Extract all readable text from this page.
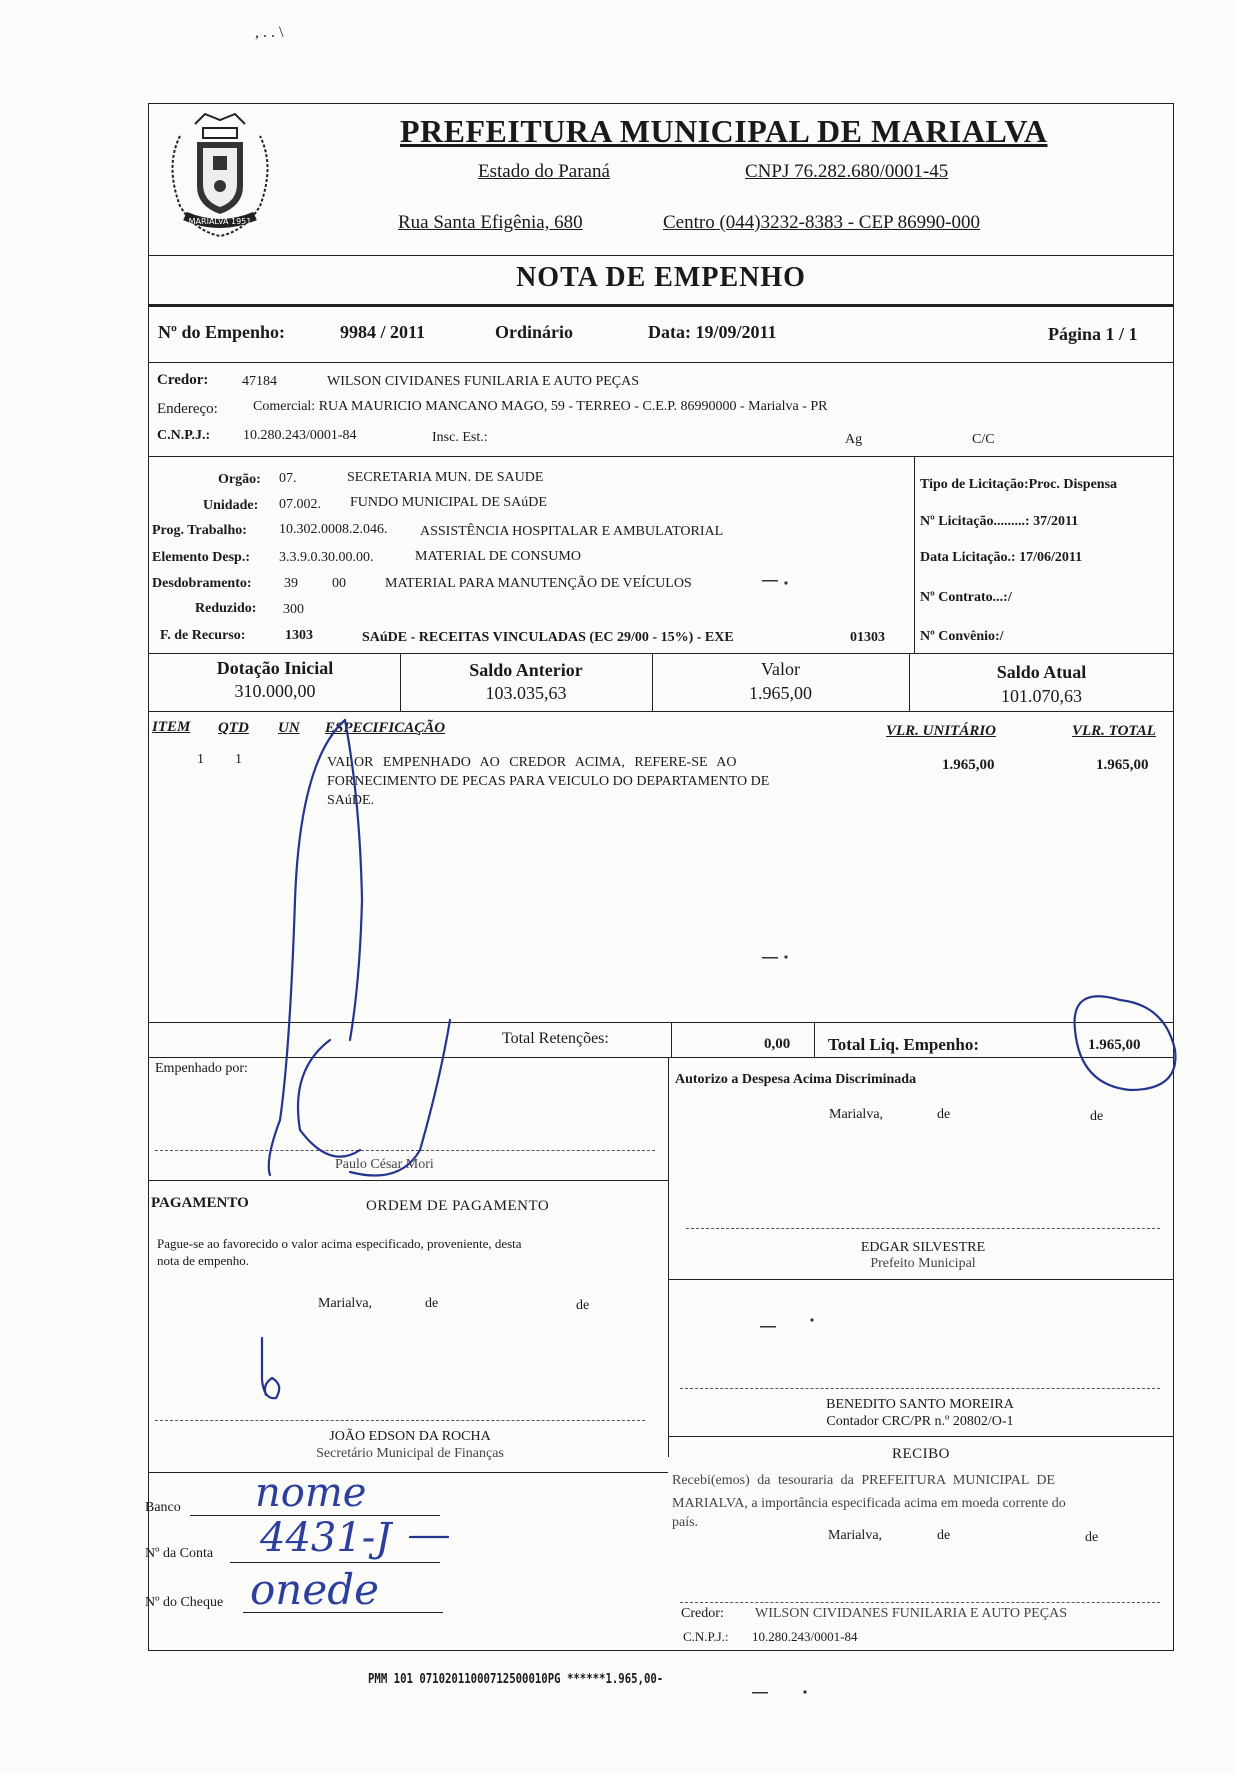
, . . \
MARIALVA 1951
PREFEITURA MUNICIPAL DE MARIALVA
Estado do Paraná	CNPJ 76.282.680/0001-45
Rua Santa Efigênia, 680	Centro (044)3232-8383 - CEP 86990-000
NOTA DE EMPENHO
Nº do Empenho:	9984 / 2011	Ordinário	Data: 19/09/2011	Página 1 / 1
Credor: 47184	WILSON CIVIDANES FUNILARIA E AUTO PEÇAS
Endereço:	Comercial: RUA MAURICIO MANCANO MAGO, 59 - TERREO - C.E.P. 86990000 - Marialva - PR
C.N.P.J.: 10.280.243/0001-84	Insc. Est.:	Ag	C/C
Orgão: 07.	SECRETARIA MUN. DE SAUDE
Unidade: 07.002. FUNDO MUNICIPAL DE SAúDE
Prog. Trabalho: 10.302.0008.2.046. ASSISTÊNCIA HOSPITALAR E AMBULATORIAL
Elemento Desp.: 3.3.9.0.30.00.00.	MATERIAL DE CONSUMO
Desdobramento: 39 00	MATERIAL PARA MANUTENÇÃO DE VEÍCULOS
Reduzido: 300
F. de Recurso:	1303	SAúDE - RECEITAS VINCULADAS (EC 29/00 - 15%) - EXE	01303
Tipo de Licitação:Proc. Dispensa
Nº Licitação.........: 37/2011
Data Licitação.: 17/06/2011
Nº Contrato...:/
Nº Convênio:/
Dotação Inicial
310.000,00
Saldo Anterior
103.035,63
Valor
1.965,00
Saldo Atual
101.070,63
ITEM QTD UN ESPECIFICAÇÃO	VLR. UNITÁRIO	VLR. TOTAL
1 1	VALOR EMPENHADO AO CREDOR ACIMA, REFERE-SE AO
FORNECIMENTO DE PECAS PARA VEICULO DO DEPARTAMENTO DE
SAúDE.
1.965,00	1.965,00
Total Retenções:	0,00 Total Liq. Empenho:	1.965,00
Empenhado por:
Paulo César Mori
Autorizo a Despesa Acima Discriminada
Marialva,	de	de
EDGAR SILVESTRE
Prefeito Municipal
PAGAMENTO	ORDEM DE PAGAMENTO
Pague-se ao favorecido o valor acima especificado, proveniente, desta
nota de empenho.
Marialva,	de	de
JOÃO EDSON DA ROCHA
Secretário Municipal de Finanças
BENEDITO SANTO MOREIRA
Contador CRC/PR n.º 20802/O-1
RECIBO
Recebi(emos) da tesouraria da PREFEITURA MUNICIPAL DE
MARIALVA, a importância especificada acima em moeda corrente do
país.
Marialva,	de	de
Credor: WILSON CIVIDANES FUNILARIA E AUTO PEÇAS
C.N.P.J.: 10.280.243/0001-84
Banco nome
Nº da Conta 4431-J
Nº do Cheque onede
PMM 101 07102011000712500010PG ******1.965,00-
